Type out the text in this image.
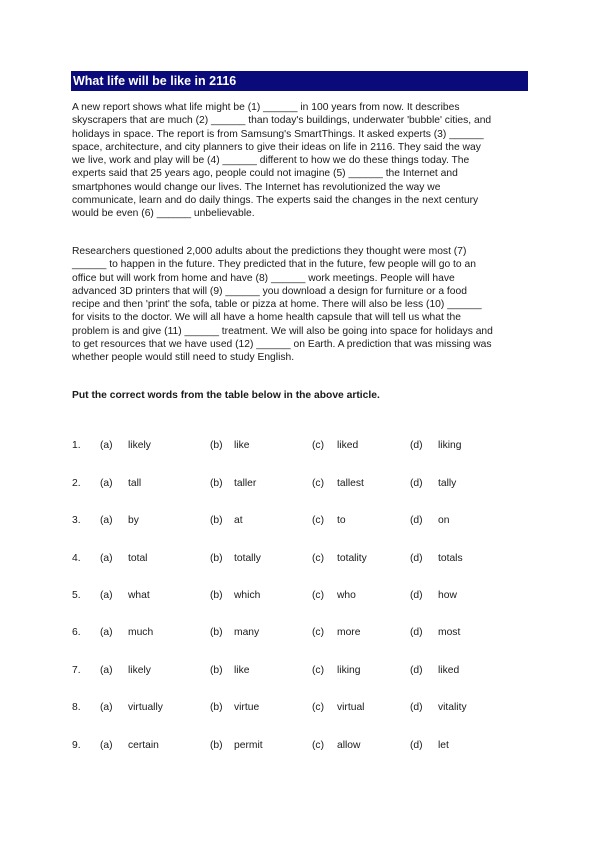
What life will be like in 2116

A new report shows what life might be (1) ______ in 100 years from now. It describes
skyscrapers that are much (2) ______ than today's buildings, underwater 'bubble' cities, and
holidays in space. The report is from Samsung's SmartThings. It asked experts (3) ______
space, architecture, and city planners to give their ideas on life in 2116. They said the way
we live, work and play will be (4) ______ different to how we do these things today. The
experts said that 25 years ago, people could not imagine (5) ______ the Internet and
smartphones would change our lives. The Internet has revolutionized the way we
communicate, learn and do daily things. The experts said the changes in the next century
would be even (6) ______ unbelievable.

Researchers questioned 2,000 adults about the predictions they thought were most (7)
______ to happen in the future. They predicted that in the future, few people will go to an
office but will work from home and have (8) ______ work meetings. People will have
advanced 3D printers that will (9) ______ you download a design for furniture or a food
recipe and then 'print' the sofa, table or pizza at home. There will also be less (10) ______
for visits to the doctor. We will all have a home health capsule that will tell us what the
problem is and give (11) ______ treatment. We will also be going into space for holidays and
to get resources that we have used (12) ______ on Earth. A prediction that was missing was
whether people would still need to study English.

Put the correct words from the table below in the above article.
1. (a) likely	(b) like	(c) liked	(d) liking
2. (a) tall	(b) taller	(c) tallest	(d) tally
3. (a) by	(b) at	(c) to	(d) on
4. (a) total	(b) totally	(c) totality	(d) totals
5. (a) what	(b) which	(c) who	(d) how
6. (a) much	(b) many	(c) more	(d) most
7. (a) likely	(b) like	(c) liking	(d) liked
8. (a) virtually	(b) virtue	(c) virtual	(d) vitality
9. (a) certain	(b) permit	(c) allow	(d) let
